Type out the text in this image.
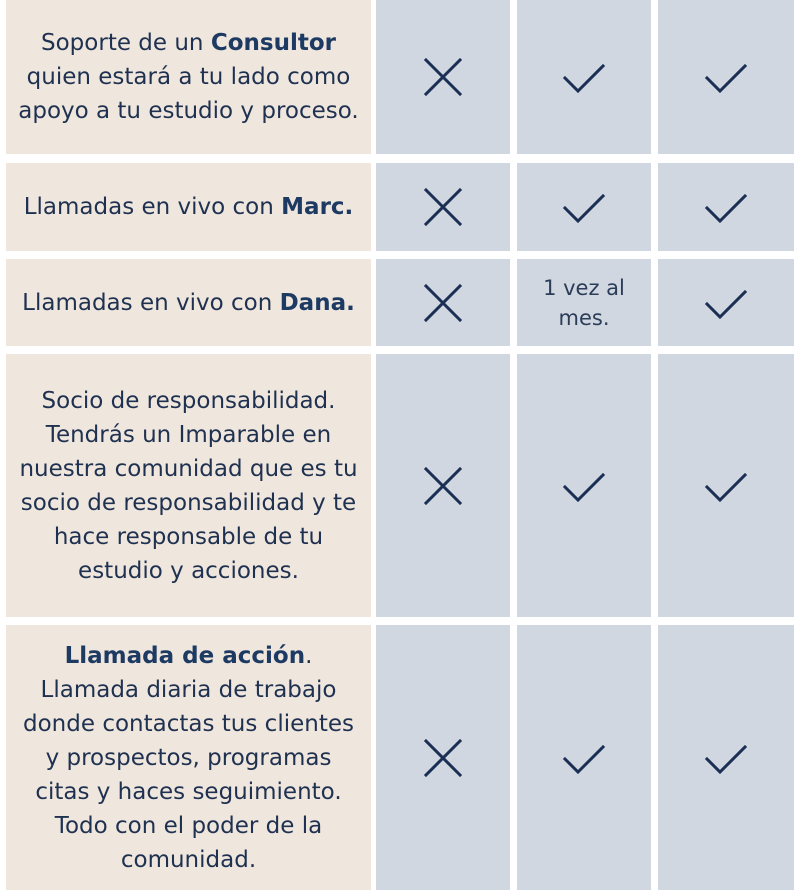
Soporte de un Consultor quien estará a tu lado como apoyo a tu estudio y proceso.
Llamadas en vivo con Marc.
Llamadas en vivo con Dana.
1 vez al mes.
Socio de responsabilidad. Tendrás un Imparable en nuestra comunidad que es tu socio de responsabilidad y te hace responsable de tu estudio y acciones.
Llamada de acción. Llamada diaria de trabajo donde contactas tus clientes y prospectos, programas citas y haces seguimiento. Todo con el poder de la comunidad.
